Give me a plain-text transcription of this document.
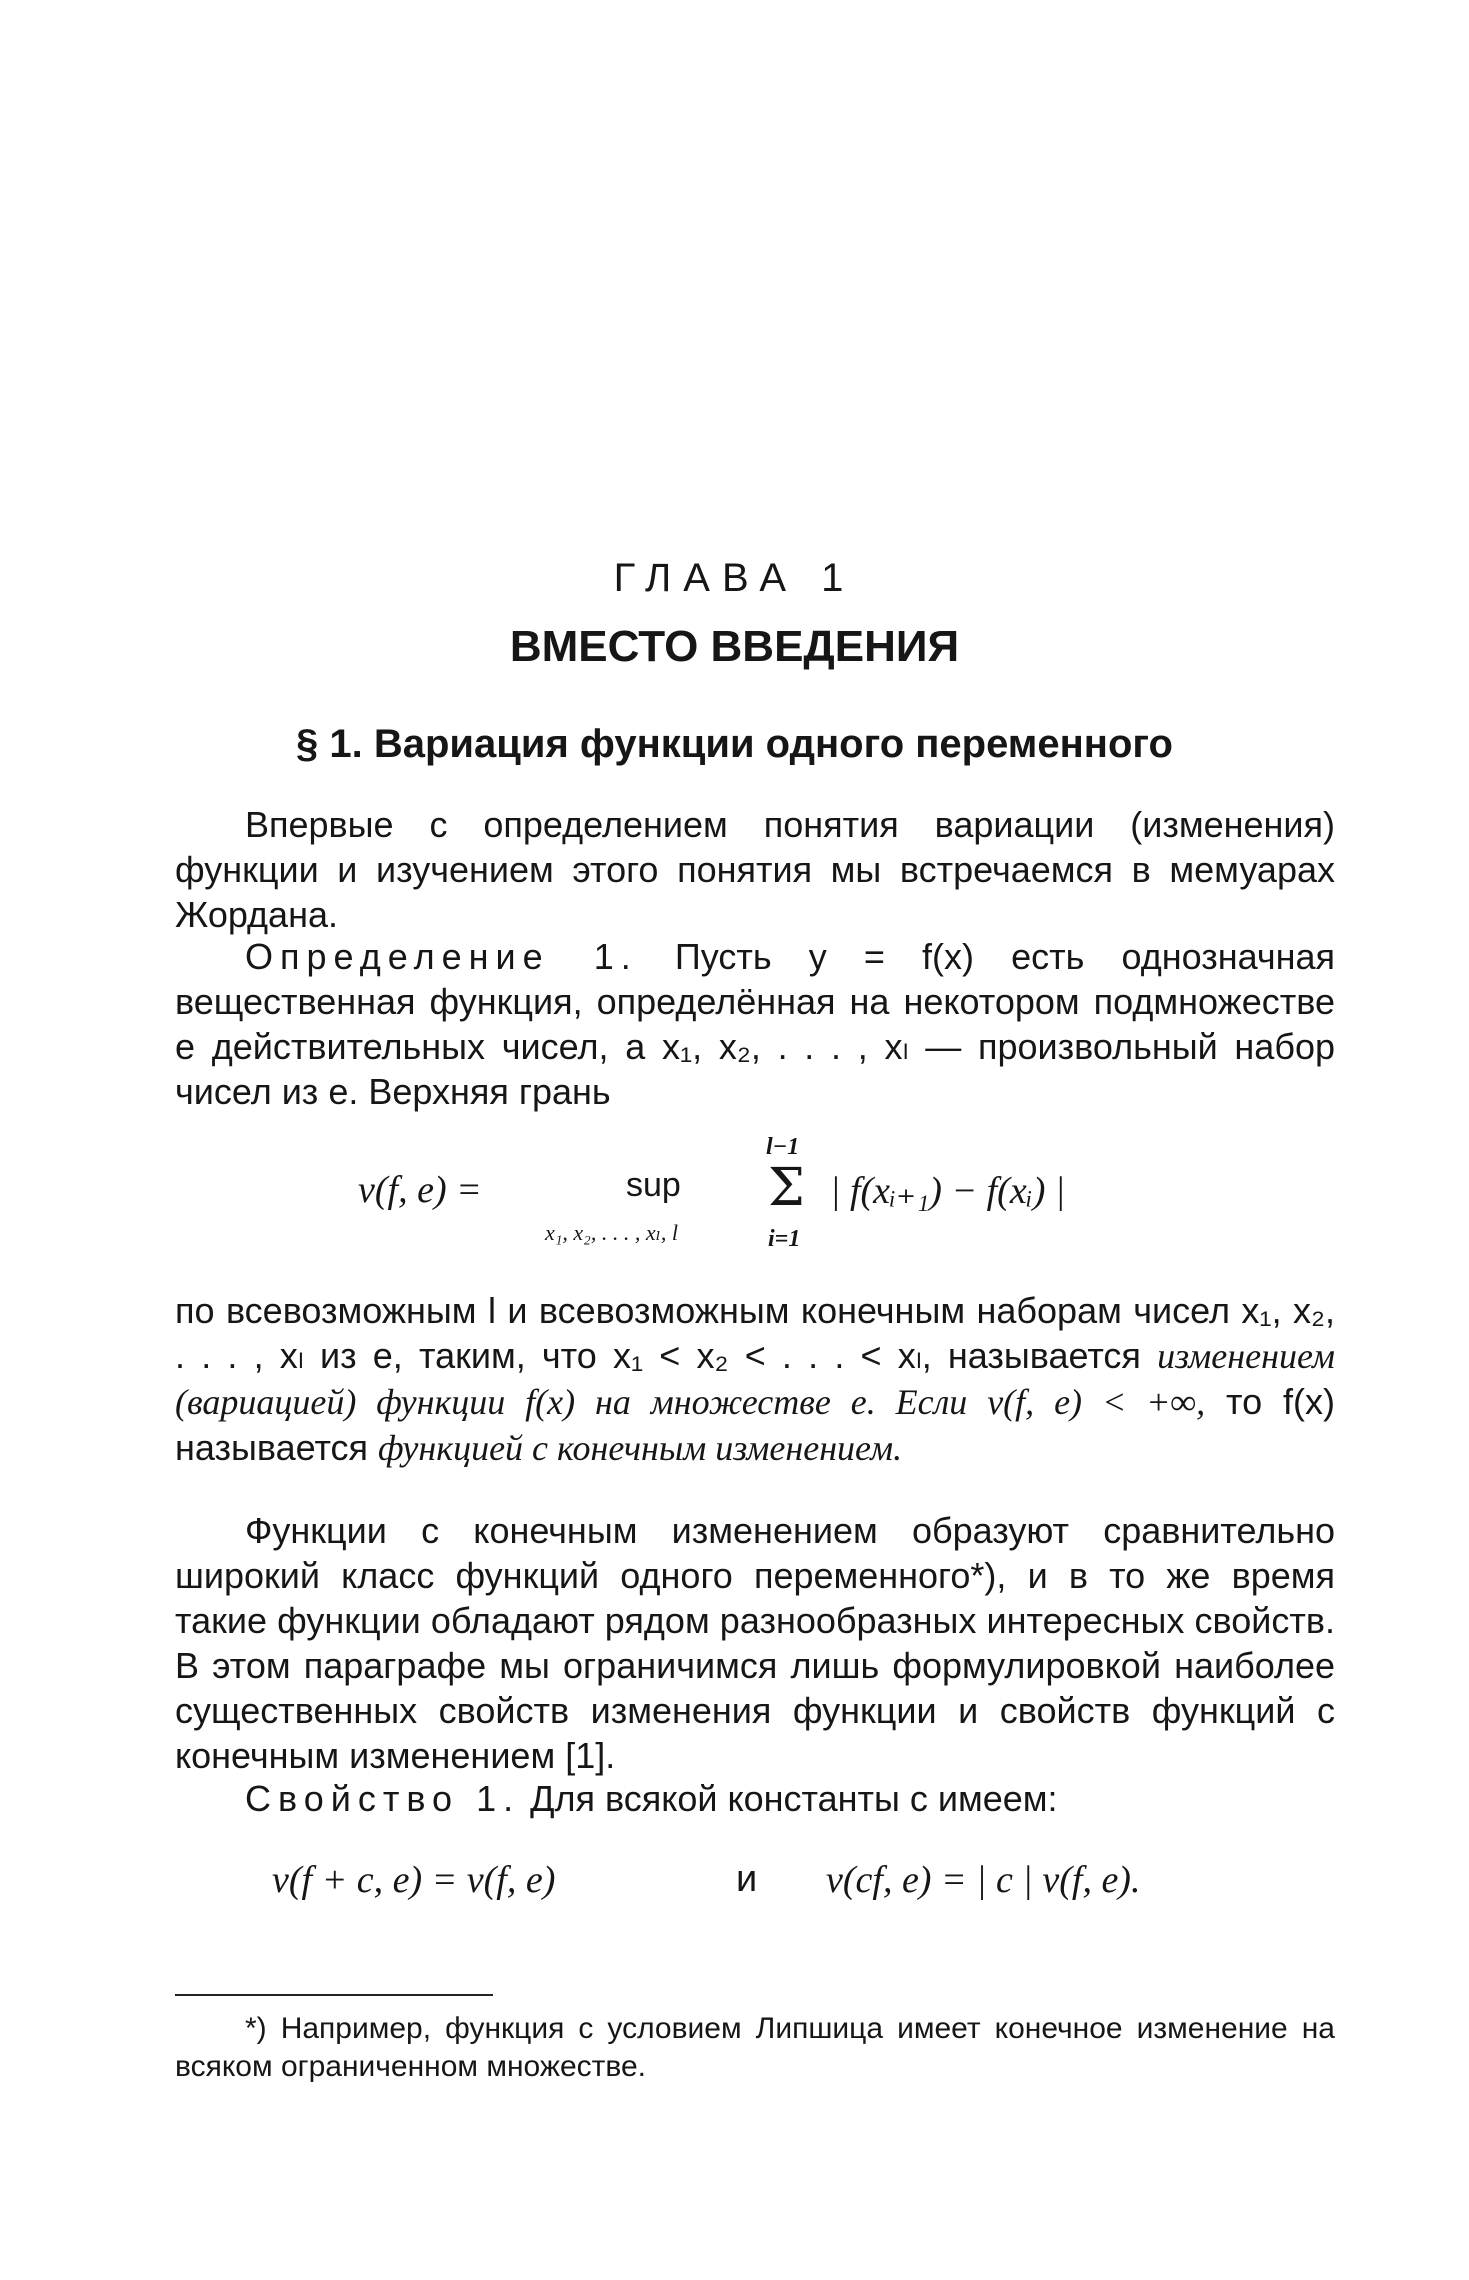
ГЛАВА 1
ВМЕСТО ВВЕДЕНИЯ
§ 1. Вариация функции одного переменного

Впервые с определением понятия вариации (изменения) функции и изучением этого понятия мы встречаемся в мемуарах Жордана.

Определение 1. Пусть y = f(x) есть однозначная вещественная функция, определённая на некотором подмножестве e действительных чисел, а x₁, x₂, . . . , xₗ — произвольный набор чисел из e. Верхняя грань

v(f, e) =	sup
x₁, x₂, . . . , xₗ, l
l−1
Σ
i=1
| f(xᵢ₊₁) − f(xᵢ) |

по всевозможным l и всевозможным конечным наборам чисел x₁, x₂, . . . , xₗ из e, таким, что x₁ < x₂ < . . . < xₗ, называется изменением (вариацией) функции f(x) на множестве e. Если v(f, e) < +∞, то f(x) называется функцией с конечным изменением.

Функции с конечным изменением образуют сравнительно широкий класс функций одного переменного*), и в то же время такие функции обладают рядом разнообразных интересных свойств. В этом параграфе мы ограничимся лишь формулировкой наиболее существенных свойств изменения функции и свойств функций с конечным изменением [1].

Свойство 1. Для всякой константы c имеем:

v(f + c, e) = v(f, e)	и v(cf, e) = | c | v(f, e).

*) Например, функция с условием Липшица имеет конечное изменение на всяком ограниченном множестве.
